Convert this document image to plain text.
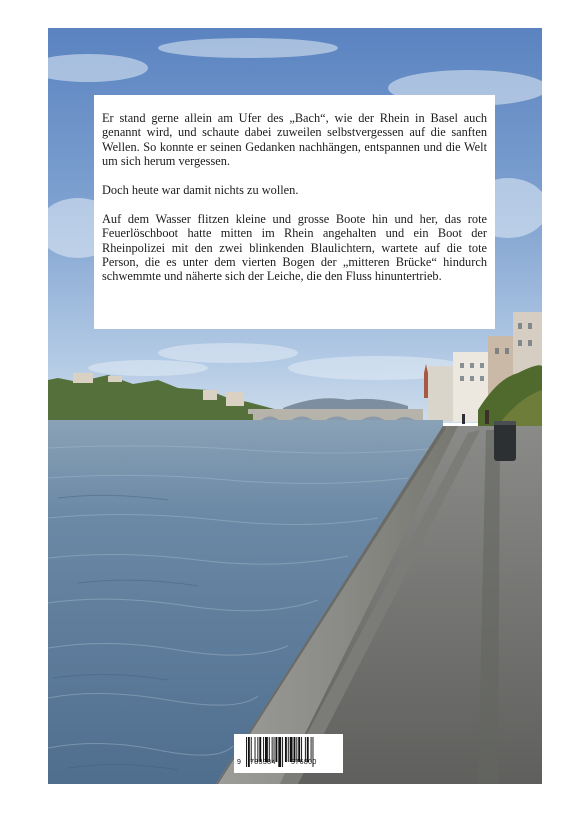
Er stand gerne allein am Ufer des „Bach“, wie der Rhein in Basel auch genannt wird, und schaute dabei zuweilen selbstvergessen auf die sanften Wellen. So konnte er seinen Gedanken nachhängen, entspannen und die Welt um sich herum vergessen.

Doch heute war damit nichts zu wollen.

Auf dem Wasser flitzen kleine und grosse Boote hin und her, das rote Feuerlöschboot hatte mitten im Rhein angehalten und ein Boot der Rheinpolizei mit den zwei blinkenden Blaulichtern, wartete auf die tote Person, die es unter dem vierten Bogen der „mitteren Brücke“ hindurch schwemmte und näherte sich der Leiche, die den Fluss hinuntertrieb.

9 783384 376800
